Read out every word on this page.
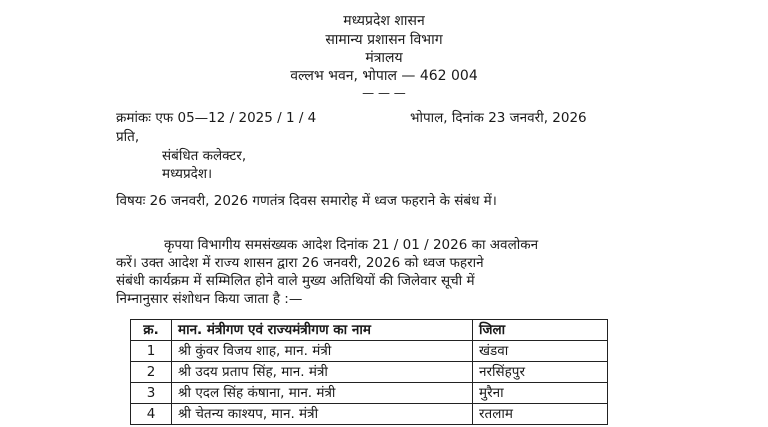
मध्यप्रदेश शासन
सामान्य प्रशासन विभाग
मंत्रालय
वल्लभ भवन, भोपाल — 462 004
— — —
क्रमांकः एफ 05—12 / 2025 / 1 / 4	भोपाल, दिनांक 23 जनवरी, 2026
प्रति,
संबंधित कलेक्टर,
मध्यप्रदेश।
विषयः 26 जनवरी, 2026 गणतंत्र दिवस समारोह में ध्वज फहराने के संबंध में।
कृपया विभागीय समसंख्यक आदेश दिनांक 21 / 01 / 2026 का अवलोकन
करें। उक्त आदेश में राज्य शासन द्वारा 26 जनवरी, 2026 को ध्वज फहराने
संबंधी कार्यक्रम में सम्मिलित होने वाले मुख्य अतिथियों की जिलेवार सूची में
निम्नानुसार संशोधन किया जाता है :—
क्र.	मान. मंत्रीगण एवं राज्यमंत्रीगण का नाम	जिला
1	श्री कुंवर विजय शाह, मान. मंत्री	खंडवा
2	श्री उदय प्रताप सिंह, मान. मंत्री	नरसिंहपुर
3	श्री एदल सिंह कंषाना, मान. मंत्री	मुरैना
4	श्री चेतन्य काश्यप, मान. मंत्री	रतलाम
